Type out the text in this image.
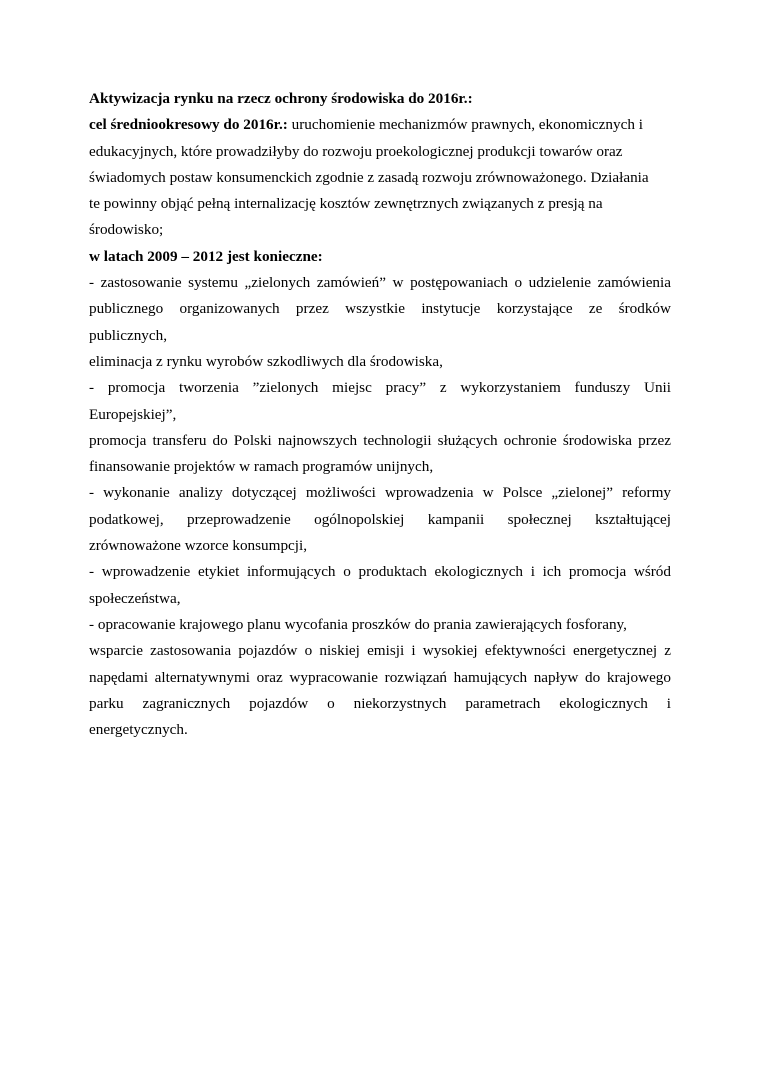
Aktywizacja rynku na rzecz ochrony środowiska do 2016r.:
cel średniookresowy do 2016r.: uruchomienie mechanizmów prawnych, ekonomicznych i
edukacyjnych, które prowadziłyby do rozwoju proekologicznej produkcji towarów oraz
świadomych postaw konsumenckich zgodnie z zasadą rozwoju zrównoważonego. Działania
te powinny objąć pełną internalizację kosztów zewnętrznych związanych z presją na
środowisko;
w latach 2009 – 2012 jest konieczne:
- zastosowanie systemu „zielonych zamówień” w postępowaniach o udzielenie zamówienia
publicznego organizowanych przez wszystkie instytucje korzystające ze środków
publicznych,
eliminacja z rynku wyrobów szkodliwych dla środowiska,
- promocja tworzenia ”zielonych miejsc pracy” z wykorzystaniem funduszy Unii
Europejskiej”,
promocja transferu do Polski najnowszych technologii służących ochronie środowiska przez
finansowanie projektów w ramach programów unijnych,
- wykonanie analizy dotyczącej możliwości wprowadzenia w Polsce „zielonej” reformy
podatkowej, przeprowadzenie ogólnopolskiej kampanii społecznej kształtującej
zrównoważone wzorce konsumpcji,
- wprowadzenie etykiet informujących o produktach ekologicznych i ich promocja wśród
społeczeństwa,
- opracowanie krajowego planu wycofania proszków do prania zawierających fosforany,
wsparcie zastosowania pojazdów o niskiej emisji i wysokiej efektywności energetycznej z
napędami alternatywnymi oraz wypracowanie rozwiązań hamujących napływ do krajowego
parku zagranicznych pojazdów o niekorzystnych parametrach ekologicznych i
energetycznych.
